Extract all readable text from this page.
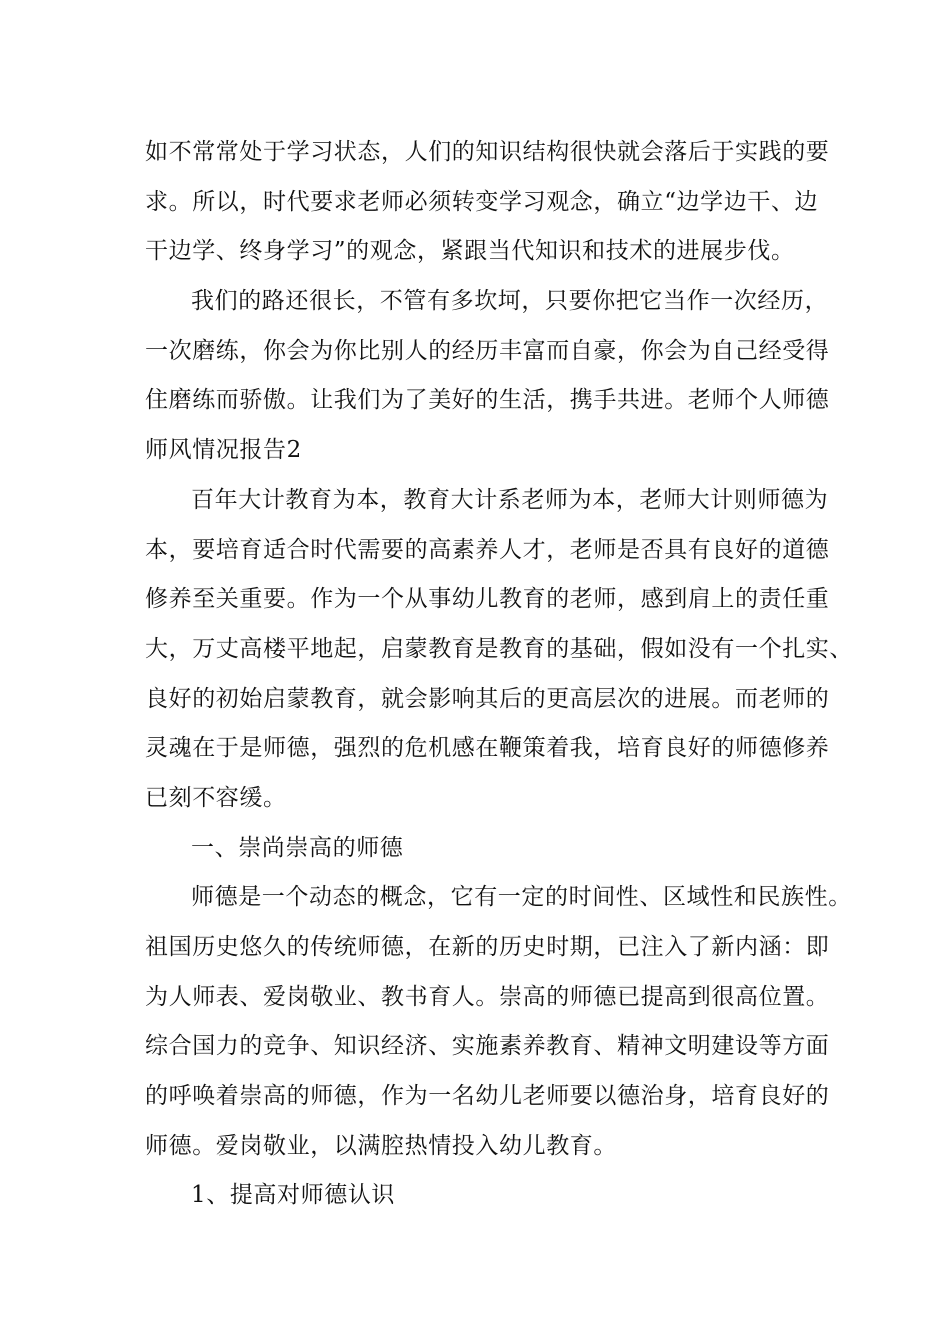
如不常常处于学习状态，人们的知识结构很快就会落后于实践的要
求。所以，时代要求老师必须转变学习观念，确立“边学边干、边
干边学、终身学习”的观念，紧跟当代知识和技术的进展步伐。
我们的路还很长，不管有多坎坷，只要你把它当作一次经历，
一次磨练，你会为你比别人的经历丰富而自豪，你会为自己经受得
住磨练而骄傲。让我们为了美好的生活，携手共进。老师个人师德
师风情况报告2
百年大计教育为本，教育大计系老师为本，老师大计则师德为
本，要培育适合时代需要的高素养人才，老师是否具有良好的道德
修养至关重要。作为一个从事幼儿教育的老师，感到肩上的责任重
大，万丈高楼平地起，启蒙教育是教育的基础，假如没有一个扎实、
良好的初始启蒙教育，就会影响其后的更高层次的进展。而老师的
灵魂在于是师德，强烈的危机感在鞭策着我，培育良好的师德修养
已刻不容缓。
一、崇尚崇高的师德
师德是一个动态的概念，它有一定的时间性、区域性和民族性。
祖国历史悠久的传统师德，在新的历史时期，已注入了新内涵：即
为人师表、爱岗敬业、教书育人。崇高的师德已提高到很高位置。
综合国力的竞争、知识经济、实施素养教育、精神文明建设等方面
的呼唤着崇高的师德，作为一名幼儿老师要以德治身，培育良好的
师德。爱岗敬业，以满腔热情投入幼儿教育。
1、提高对师德认识
